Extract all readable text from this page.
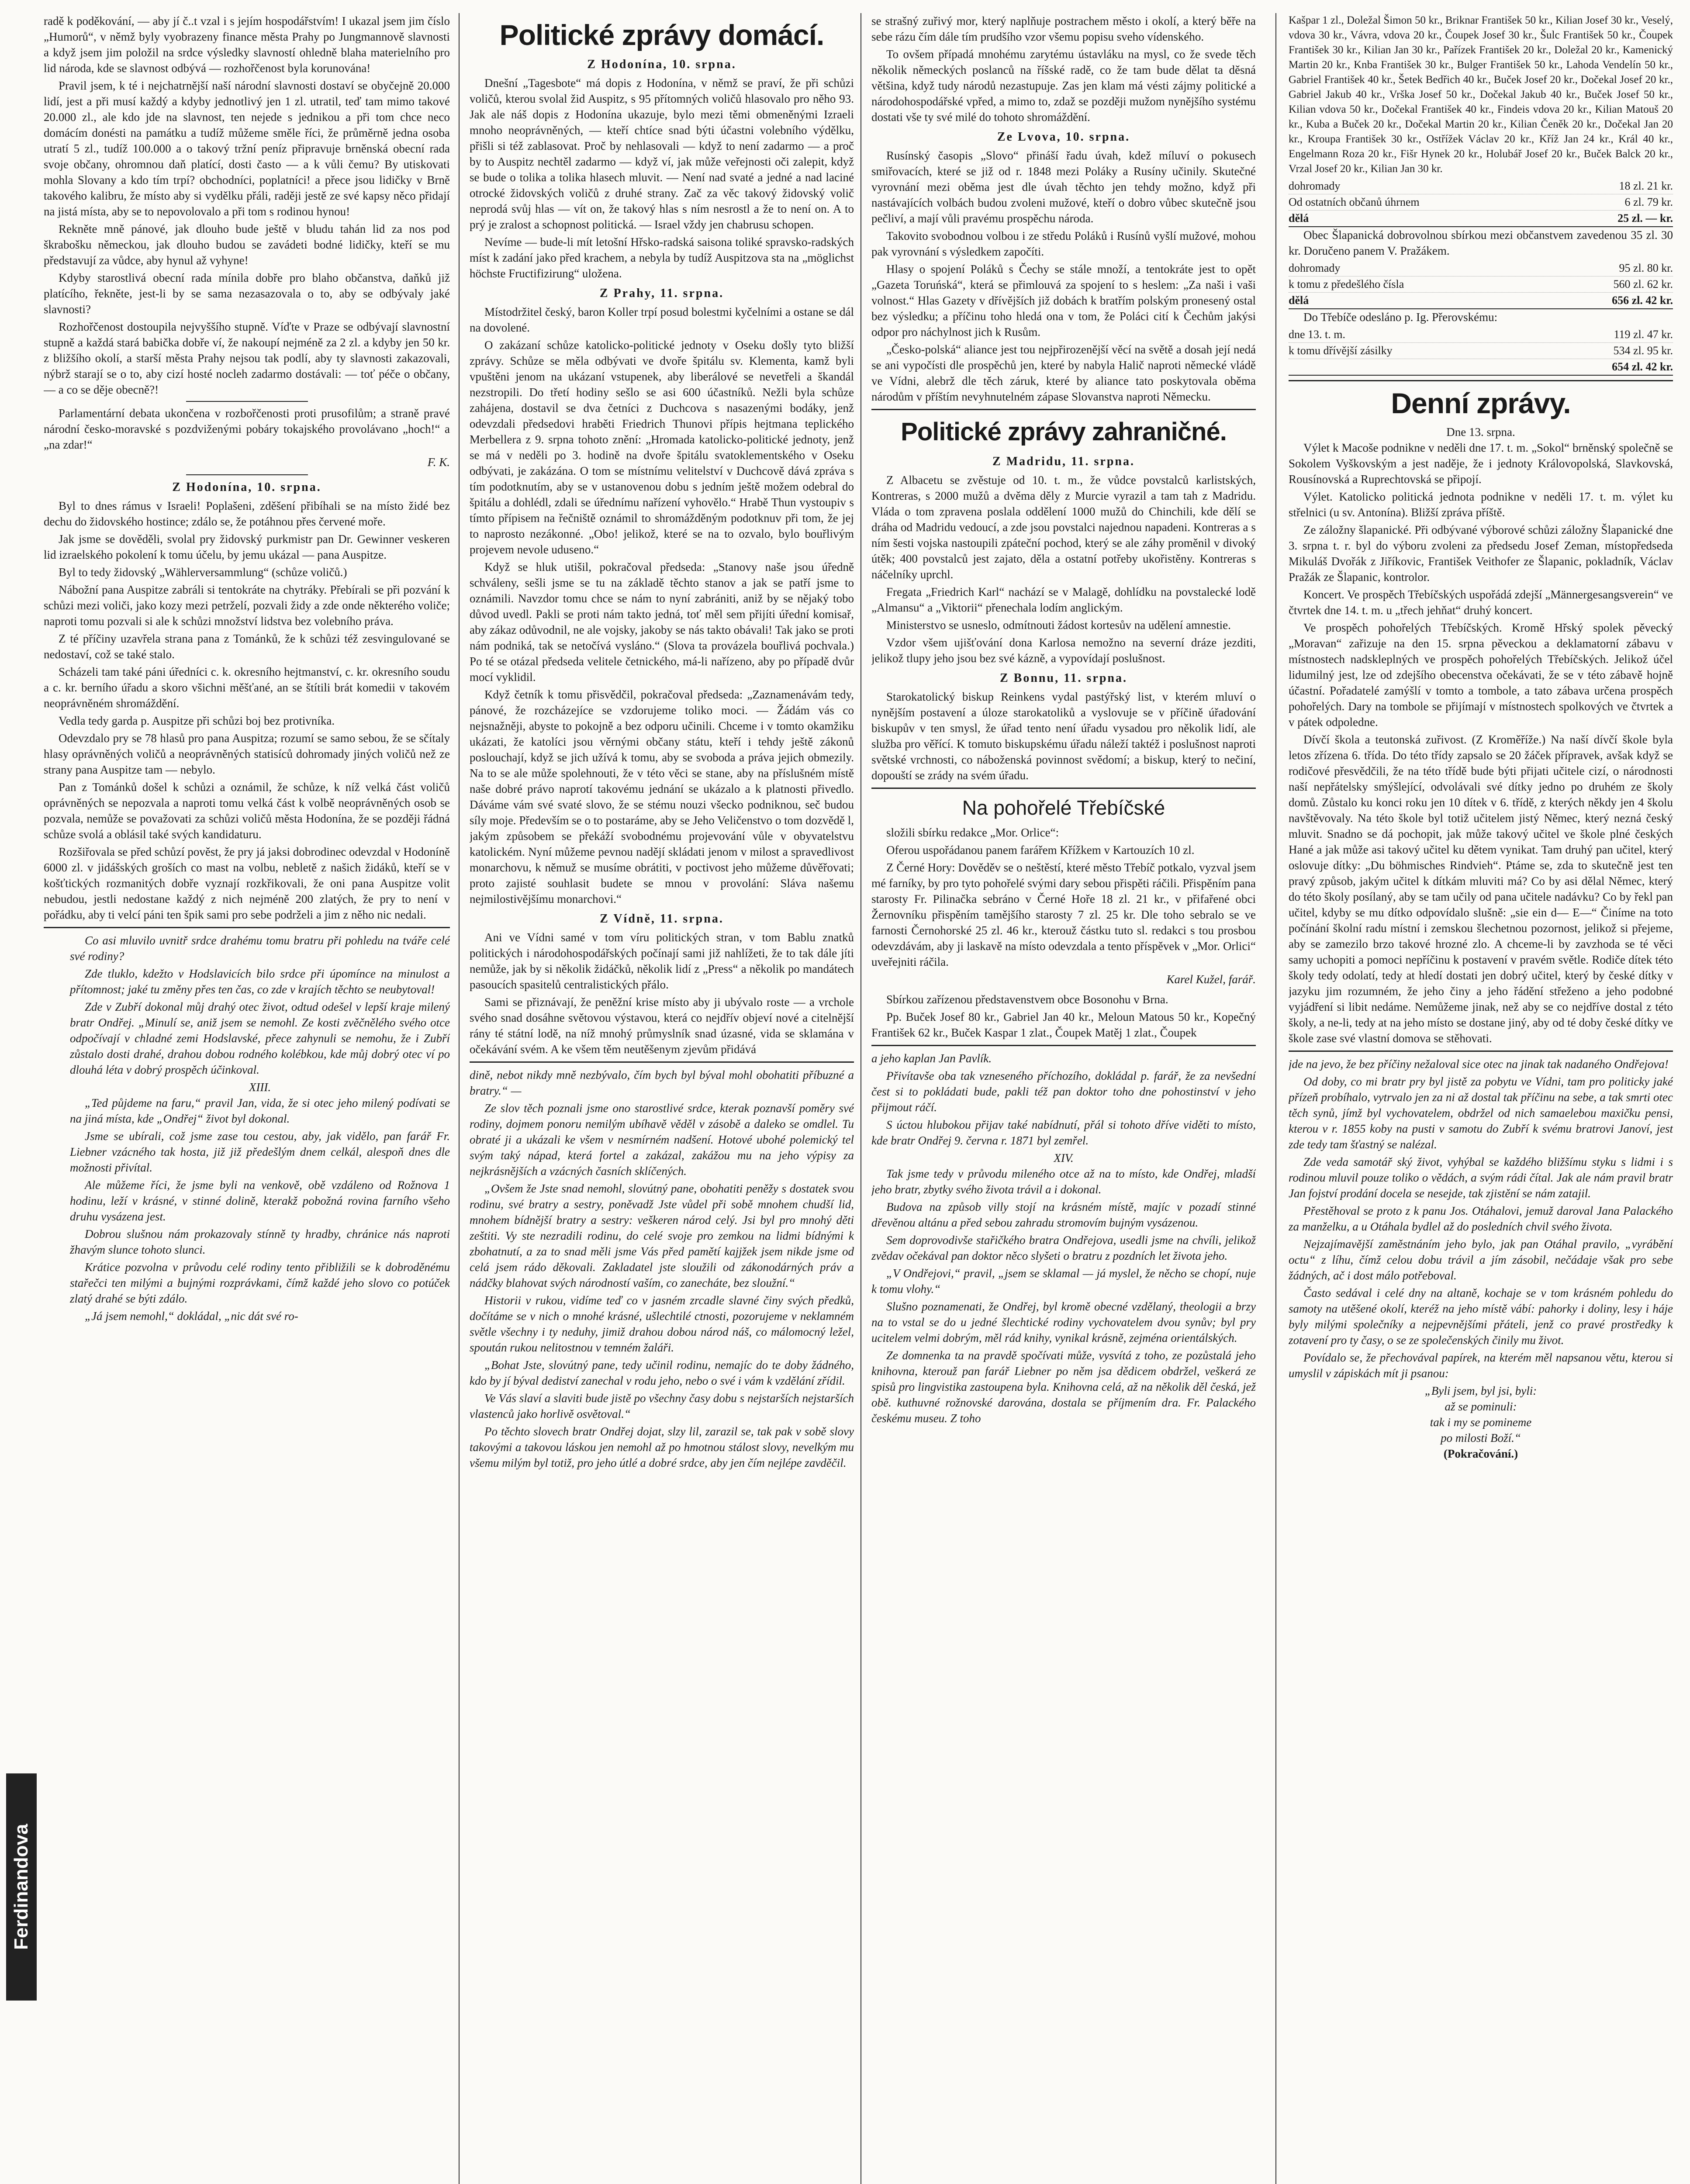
Ferdinandova

radě k poděkování, — aby jí č..t vzal i s jejím hospodářstvím! I ukazal jsem jim číslo „Humorů“, v němž byly vyobrazeny finance města Prahy po Jungmannově slavnosti a když jsem jim položil na srdce výsledky slavností ohledně blaha materielního pro lid národa, kde se slavnost odbývá — rozhořčenost byla korunována!

Pravil jsem, k té i nejchatrnější naší národní slavnosti dostaví se obyčejně 20.000 lidí, jest a při musí každý a kdyby jednotlivý jen 1 zl. utratil, teď tam mimo takové 20.000 zl., ale kdo jde na slavnost, ten nejede s jednikou a při tom chce neco domácím donésti na památku a tudíž můžeme směle říci, že průměrně jedna osoba utratí 5 zl., tudíž 100.000 a o takový tržní peníz připravuje brněnská obecní rada svoje občany, ohromnou daň platící, dosti často — a k vůli čemu? By utiskovati mohla Slovany a kdo tím trpí? obchodníci, poplatníci! a přece jsou lidičky v Brně takového kalibru, že místo aby si vydělku přáli, raději jestě ze své kapsy něco přidají na jistá místa, aby se to nepovolovalo a při tom s rodinou hynou!

Rekněte mně pánové, jak dlouho bude ještě v bludu tahán lid za nos pod škrabošku německou, jak dlouho budou se zavádeti bodné lidičky, kteří se mu představují za vůdce, aby hynul až vyhyne!

Kdyby starostlivá obecní rada mínila dobře pro blaho občanstva, daňků již platícího, řekněte, jest-li by se sama nezasazovala o to, aby se odbývaly jaké slavnosti?

Rozhořčenost dostoupila nejvyššího stupně. Víďte v Praze se odbývají slavnostní stupně a každá stará babička dobře ví, že nakoupí nejméně za 2 zl. a kdyby jen 50 kr. z bližšího okolí, a starší města Prahy nejsou tak podlí, aby ty slavnosti zakazovali, nýbrž starají se o to, aby cizí hosté nocleh zadarmo dostávali: — toť péče o občany, — a co se děje obecně?!

Parlamentární debata ukončena v rozbořčenosti proti prusofilům; a straně pravé národní česko-moravské s pozdviženými pobáry tokajského provolávano „hoch!“ a „na zdar!“

F. K.
Z Hodonína, 10. srpna.

Byl to dnes rámus v Israeli! Poplašeni, zděšení přibíhali se na místo židé bez dechu do židovského hostince; zdálo se, že potáhnou přes červené moře.

Jak jsme se dověděli, svolal pry židovský purkmistr pan Dr. Gewinner veskeren lid izraelského pokolení k tomu účelu, by jemu ukázal — pana Auspitze.

Byl to tedy židovský „Wählerversammlung“ (schůze voličů.)

Nábožní pana Auspitze zabráli si tentokráte na chytráky. Přebírali se při pozvání k schůzi mezi voliči, jako kozy mezi petrželí, pozvali židy a zde onde některého voliče; naproti tomu pozvali si ale k schůzi množství lidstva bez volebního práva.

Z té příčiny uzavřela strana pana z Tománků, že k schůzi též zesvingulované se nedostaví, což se také stalo.

Scházeli tam také páni úředníci c. k. okresního hejtmanství, c. kr. okresního soudu a c. kr. berního úřadu a skoro všichni měšťané, an se štítili brát komedii v takovém neoprávněném shromáždění.

Vedla tedy garda p. Auspitze při schůzi boj bez protivníka.

Odevzdalo pry se 78 hlasů pro pana Auspitza; rozumí se samo sebou, že se sčítaly hlasy oprávněných voličů a neoprávněných statisíců dohromady jiných voličů než ze strany pana Auspitze tam — nebylo.

Pan z Tománků došel k schůzi a oznámil, že schůze, k níž velká část voličů oprávněných se nepozvala a naproti tomu velká část k volbě neoprávněných osob se pozvala, nemůže se považovati za schůzi voličů města Hodonína, že se později řádná schůze svolá a oblásil také svých kandidaturu.

Rozšiřovala se před schůzí pověst, že pry já jaksi dobrodinec odevzdal v Hodoníně 6000 zl. v jidášských groších co mast na volbu, nebletě z našich židáků, kteří se v košťtických rozmanitých dobře vyznají rozkřikovali, že oni pana Auspitze volit nebudou, jestli nedostane každý z nich nejméně 200 zlatých, že pry to není v pořádku, aby ti velcí páni ten špik sami pro sebe podrželi a jim z něho nic nedali.

Co asi mluvilo uvnitř srdce drahému tomu bratru při pohledu na tváře celé své rodiny?

Zde tluklo, kdežto v Hodslavicích bilo srdce při úpomínce na minulost a přítomnost; jaké tu změny přes ten čas, co zde v krajích těchto se neubytoval!

Zde v Zubří dokonal můj drahý otec život, odtud odešel v lepší kraje milený bratr Ondřej. „Minulí se, aniž jsem se nemohl. Ze kosti zvěčnělého svého otce odpočívají v chladné zemi Hodslavské, přece zahynuli se nemohu, že i Zubří zůstalo dosti drahé, drahou dobou rodného kolébkou, kde můj dobrý otec ví po dlouhá léta v dobrý prospěch účinkoval.

XIII.

„Ted půjdeme na faru,“ pravil Jan, vida, že si otec jeho milený podívati se na jiná místa, kde „Ondřej“ život byl dokonal.

Jsme se ubírali, což jsme zase tou cestou, aby, jak vidělo, pan farář Fr. Liebner vzácného tak hosta, již již předešlým dnem celkál, alespoň dnes dle možnosti přivítal.

Ale můžeme říci, že jsme byli na venkově, obě vzdáleno od Rožnova 1 hodinu, leží v krásné, v stinné dolině, kterakž pobožná rovina farního všeho druhu vysázena jest.

Dobrou slušnou nám prokazovaly stínně ty hradby, chránice nás naproti žhavým slunce tohoto slunci.

Krátice pozvolna v průvodu celé rodiny tento přibližili se k dobroděnému stařečci ten milými a bujnými rozprávkami, čímž každé jeho slovo co potúček zlatý drahé se býti zdálo.

„Já jsem nemohl,“ dokládal, „nic dát své ro-

Politické zprávy domácí.
Z Hodonína, 10. srpna.

Dnešní „Tagesbote“ má dopis z Hodonína, v němž se praví, že při schůzi voličů, kterou svolal žid Auspitz, s 95 přítomných voličů hlasovalo pro něho 93. Jak ale náš dopis z Hodonína ukazuje, bylo mezi těmi obmeněnými Izraeli mnoho neoprávněných, — kteří chtíce snad býti účastni volebního výdělku, přišli si též zablasovat. Proč by nehlasovali — když to není zadarmo — a proč by to Auspitz nechtěl zadarmo — když ví, jak může veřejnosti oči zalepit, když se bude o tolika a tolika hlasech mluvit. — Není nad svaté a jedné a nad laciné otrocké židovských voličů z druhé strany. Zač za věc takový židovský volič neprodá svůj hlas — vít on, že takový hlas s ním nesrostl a že to není on. A to prý je zralost a schopnost politická. — Israel vždy jen chabrusu schopen.

Nevíme — bude-li mít letošní Hřsko-radská saisona toliké spravsko-radských míst k zadání jako před krachem, a nebyla by tudíž Auspitzova sta na „möglichst höchste Fructifizirung“ uložena.

Z Prahy, 11. srpna.

Místodržitel český, baron Koller trpí posud bolestmi kyčelními a ostane se dál na dovolené.

O zakázaní schůze katolicko-politické jednoty v Oseku došly tyto bližší zprávy. Schůze se měla odbývati ve dvoře špitálu sv. Klementa, kamž byli vpuštěni jenom na ukázaní vstupenek, aby liberálové se nevetřeli a škandál nezstropili. Do třetí hodiny sešlo se asi 600 účastníků. Nežli byla schůze zahájena, dostavil se dva četníci z Duchcova s nasazenými bodáky, jenž odevzdali předsedovi hraběti Friedrich Thunovi přípis hejtmana teplického Merbellera z 9. srpna tohoto znění: „Hromada katolicko-politické jednoty, jenž se má v neděli po 3. hodině na dvoře špitálu svatoklementského v Oseku odbývati, je zakázána. O tom se místnímu velitelství v Duchcově dává zpráva s tím podotknutím, aby se v ustanovenou dobu s jedním ještě možem odebral do špitálu a dohlédl, zdali se úřednímu nařízení vyhovělo.“ Hrabě Thun vystoupiv s tímto přípisem na řečniště oznámil to shromážděným podotknuv při tom, že jej to naprosto nezákonné. „Obo! jelikož, které se na to ozvalo, bylo bouřlivým projevem nevole uduseno.“

Když se hluk utišil, pokračoval předseda: „Stanovy naše jsou úředně schváleny, sešli jsme se tu na základě těchto stanov a jak se patří jsme to oznámili. Navzdor tomu chce se nám to nyní zabrániti, aniž by se nějaký tobo důvod uvedl. Pakli se proti nám takto jedná, toť měl sem přijíti úřední komisař, aby zákaz odůvodnil, ne ale vojsky, jakoby se nás takto obávali! Tak jako se proti nám podniká, tak se netočívá vysláno.“ (Slova ta provázela bouřlivá pochvala.) Po té se otázal předseda velitele četnického, má-li nařízeno, aby po případě dvůr mocí vyklidil.

Když četník k tomu přisvědčil, pokračoval předseda: „Zaznamenávám tedy, pánové, že rozcházejíce se vzdorujeme toliko moci. — Žádám vás co nejsnažněji, abyste to pokojně a bez odporu učinili. Chceme i v tomto okamžiku ukázati, že katolíci jsou věrnými občany státu, kteří i tehdy ještě zákonů poslouchají, když se jich užívá k tomu, aby se svoboda a práva jejich obmezily. Na to se ale může spolehnouti, že v této věci se stane, aby na příslušném místě naše dobré právo naprotí takovému jednání se ukázalo a k platnosti přivedlo. Dáváme vám své svaté slovo, že se stému nouzi všecko podniknou, seč budou síly moje. Především se o to postaráme, aby se Jeho Veličenstvo o tom dozvědě l, jakým způsobem se překáží svobodnému projevování vůle v obyvatelstvu katolickém. Nyní můžeme pevnou nadějí skládati jenom v milost a spravedlivost monarchovu, k němuž se musíme obrátiti, v poctivost jeho můžeme důvěřovati; proto zajisté souhlasit budete se mnou v provolání: Sláva našemu nejmilostivějšímu monarchovi.“

Z Vídně, 11. srpna.

Ani ve Vídni samé v tom víru politických stran, v tom Bablu znatků politických i národohospodářských počínají sami již nahlížeti, že to tak dále jíti nemůže, jak by si několik židáčků, několik lidí z „Press“ a několik po mandátech pasoucích spasitelů centralistických přálo.

Sami se přiznávají, že peněžní krise místo aby ji ubývalo roste — a vrchole svého snad dosáhne světovou výstavou, která co nejdřív objeví nové a citelnější rány té státní lodě, na níž mnohý průmyslník snad úzasné, vida se sklamána v očekávání svém. A ke všem těm neutěšenym zjevům přidává

dině, nebot nikdy mně nezbývalo, čím bych byl býval mohl obohatiti příbuzné a bratry.“ —

Ze slov těch poznali jsme ono starostlivé srdce, kterak poznavší poměry své rodiny, dojmem ponoru nemilým ubíhavě věděl v zásobě a daleko se omdlel. Tu obraté ji a ukázali ke všem v nesmírném nadšení. Hotové ubohé polemický tel svým taký nápad, která fortel a zakázal, zakážou mu na jeho výpisy za nejkrásnějších a vzácných časních sklíčených.

„Ovšem že Jste snad nemohl, slovútný pane, obohatiti peněžy s dostatek svou rodinu, své bratry a sestry, poněvadž Jste vůdel při sobě mnohem chudší lid, mnohem bídnější bratry a sestry: veškeren národ celý. Jsi byl pro mnohý děti zeštiti. Vy ste nezradili rodinu, do celé svoje pro zemkou na lidmi bídnými k zbohatnutí, a za to snad měli jsme Vás před pamětí kajjžek jsem nikde jsme od celá jsem rádo děkovali. Zakladatel jste sloužili od zákonodárných práv a nádčky blahovat svých národností vaším, co zanecháte, bez sloužní.“

Historii v rukou, vidíme teď co v jasném zrcadle slavné činy svých předků, dočítáme se v nich o mnohé krásné, ušlechtilé ctnosti, pozorujeme v neklamném světle všechny i ty neduhy, jimiž drahou dobou národ náš, co málomocný ležel, spoután rukou nelitostnou v temném žaláři.

„Bohat Jste, slovútný pane, tedy učinil rodinu, nemajíc do te doby žádného, kdo by jí býval dediství zanechal v rodu jeho, nebo o své i vám k vzdělání zřídil.

Ve Vás slaví a slaviti bude jistě po všechny časy dobu s nejstarších nejstarších vlastenců jako horlivě osvětoval.“

Po těchto slovech bratr Ondřej dojat, slzy lil, zarazil se, tak pak v sobě slovy takovými a takovou láskou jen nemohl až po hmotnou stálost slovy, nevelkým mu všemu milým byl totiž, pro jeho útlé a dobré srdce, aby jen čím nejlépe zavděčil.

se strašný zuřivý mor, který naplňuje postrachem město i okolí, a který běře na sebe rázu čím dále tím prudšího vzor všemu popisu sveho vídenského.

To ovšem případá mnohému zarytému ústavláku na mysl, co že svede těch několik německých poslanců na říšské radě, co že tam bude dělat ta děsná většina, když tudy národů nezastupuje. Zas jen klam má vésti zájmy politické a národohospodářské vpřed, a mimo to, zdaž se později mužom nynějšího systému dostati vše ty své milé do tohoto shromáždění.

Ze Lvova, 10. srpna.

Rusínský časopis „Slovo“ přináší řadu úvah, kdež míluví o pokusech smiřovacích, které se již od r. 1848 mezi Poláky a Rusíny učinily. Skutečné vyrovnání mezi oběma jest dle úvah těchto jen tehdy možno, když při nastávajících volbách budou zvoleni mužové, kteří o dobro vůbec skutečně jsou pečliví, a mají vůli pravému prospěchu národa.

Takovito svobodnou volbou i ze středu Poláků i Rusínů vyšlí mužové, mohou pak vyrovnání s výsledkem započíti.

Hlasy o spojení Poláků s Čechy se stále množí, a tentokráte jest to opět „Gazeta Toruńská“, která se přimlouvá za spojení to s heslem: „Za naši i vaši volnost.“ Hlas Gazety v dřívějších již dobách k bratřím polským pronesený ostal bez výsledku; a příčinu toho hledá ona v tom, že Poláci cití k Čechům jakýsi odpor pro náchylnost jich k Rusům.

„Česko-polská“ aliance jest tou nejpřirozenější věcí na světě a dosah její nedá se ani vypočísti dle prospěchů jen, které by nabyla Halič naproti německé vládě ve Vídni, alebrž dle těch záruk, které by aliance tato poskytovala oběma národům v příštím nevyhnutelném zápase Slovanstva naproti Německu.

Politické zprávy zahraničné.
Z Madridu, 11. srpna.

Z Albacetu se zvěstuje od 10. t. m., že vůdce povstalců karlistských, Kontreras, s 2000 mužů a dvěma děly z Murcie vyrazil a tam tah z Madridu. Vláda o tom zpravena poslala oddělení 1000 mužů do Chinchili, kde dělí se dráha od Madridu vedoucí, a zde jsou povstalci najednou napadeni. Kontreras a s ním šesti vojska nastoupili zpáteční pochod, který se ale záhy proměnil v divoký útěk; 400 povstalců jest zajato, děla a ostatní potřeby ukořistěny. Kontreras s náčelníky uprchl.

Fregata „Friedrich Karl“ nachází se v Malagě, dohlídku na povstalecké lodě „Almansu“ a „Viktorii“ přenechala lodím anglickým.

Ministerstvo se usneslo, odmítnouti žádost kortesův na udělení amnestie.

Vzdor všem ujišťování dona Karlosa nemožno na severní dráze jezditi, jelikož tlupy jeho jsou bez své kázně, a vypovídají poslušnost.

Z Bonnu, 11. srpna.

Starokatolický biskup Reinkens vydal pastýřský list, v kterém mluví o nynějším postavení a úloze starokatoliků a vyslovuje se v příčině úřadování biskupův v ten smysl, že úřad tento není úřadu vysadou pro několik lidí, ale služba pro věřící. K tomuto biskupskému úřadu náleží taktéž i poslušnost naproti světské vrchnosti, co náboženská povinnost svědomí; a biskup, který to nečiní, dopouští se zrády na svém úřadu.

Na pohořelé Třebíčské

složili sbírku redakce „Mor. Orlice“:

Oferou uspořádanou panem farářem Křížkem v Kartouzích 10 zl.

Z Černé Hory: Dověděv se o neštěstí, které město Třebíč potkalo, vyzval jsem mé farníky, by pro tyto pohořelé svými dary sebou přispěti ráčili. Přispěním pana starosty Fr. Pilinačka sebráno v Černé Hoře 18 zl. 21 kr., v přifařené obci Žernovníku přispěním tamějšího starosty 7 zl. 25 kr. Dle toho sebralo se ve farnosti Černohorské 25 zl. 46 kr., kterouž částku tuto sl. redakci s tou prosbou odevzdávám, aby ji laskavě na místo odevzdala a tento příspěvek v „Mor. Orlici“ uveřejniti ráčila.

Karel Kužel, farář.

Sbírkou zařízenou představenstvem obce Bosonohu v Brna.

Pp. Buček Josef 80 kr., Gabriel Jan 40 kr., Meloun Matous 50 kr., Kopečný František 62 kr., Buček Kaspar 1 zlat., Čoupek Matěj 1 zlat., Čoupek

a jeho kaplan Jan Pavlík.

Přivítavše oba tak vzneseného příchozího, dokládal p. farář, že za nevšední čest si to pokládati bude, pakli též pan doktor toho dne pohostinství v jeho přijmout ráčí.

S úctou hlubokou přijav také nabídnutí, přál si tohoto dříve viděti to místo, kde bratr Ondřej 9. června r. 1871 byl zemřel.

XIV.

Tak jsme tedy v průvodu mileného otce až na to místo, kde Ondřej, mladší jeho bratr, zbytky svého života trávil a i dokonal.

Budova na způsob villy stojí na krásném místě, majíc v pozadí stinné dřevěnou altánu a před sebou zahradu stromovím bujným vysázenou.

Sem doprovodivše stařičkého bratra Ondřejova, usedli jsme na chvíli, jelikož zvědav očekával pan doktor něco slyšeti o bratru z pozdních let života jeho.

„V Ondřejovi,“ pravil, „jsem se sklamal — já myslel, že něcho se chopí, nuje k tomu vlohy.“

Slušno poznamenati, že Ondřej, byl kromě obecné vzdělaný, theologii a brzy na to vstal se do u jedné šlechtické rodiny vychovatelem dvou synův; byl pry ucitelem velmi dobrým, měl rád knihy, vynikal krásně, zejména orientálských.

Ze domnenka ta na pravdě spočívati může, vysvítá z toho, ze pozůstalá jeho knihovna, kterouž pan farář Liebner po něm jsa dědicem obdržel, veškerá ze spisů pro lingvistika zastoupena byla. Knihovna celá, až na několik děl česká, jež obě. kuthuvné rožnovské darována, dostala se příjmením dra. Fr. Palackého českému museu. Z toho

Kašpar 1 zl., Doležal Šimon 50 kr., Briknar František 50 kr., Kilian Josef 30 kr., Veselý, vdova 30 kr., Vávra, vdova 20 kr., Čoupek Josef 30 kr., Šulc František 50 kr., Čoupek František 30 kr., Kilian Jan 30 kr., Pařízek František 20 kr., Doležal 20 kr., Kamenický Martin 20 kr., Knba František 30 kr., Bulger František 50 kr., Lahoda Vendelín 50 kr., Gabriel František 40 kr., Šetek Bedřich 40 kr., Buček Josef 20 kr., Dočekal Josef 20 kr., Gabriel Jakub 40 kr., Vrška Josef 50 kr., Dočekal Jakub 40 kr., Buček Josef 50 kr., Kilian vdova 50 kr., Dočekal František 40 kr., Findeis vdova 20 kr., Kilian Matouš 20 kr., Kuba a Buček 20 kr., Dočekal Martin 20 kr., Kilian Čeněk 20 kr., Dočekal Jan 20 kr., Kroupa František 30 kr., Ostřížek Václav 20 kr., Kříž Jan 24 kr., Král 40 kr., Engelmann Roza 20 kr., Fišr Hynek 20 kr., Holubář Josef 20 kr., Buček Balck 20 kr., Vrzal Josef 20 kr., Kilian Jan 30 kr.

dohromady	18 zl. 21 kr.
Od ostatních občanů úhrnem	6 zl. 79 kr.
dělá	25 zl. — kr.

Obec Šlapanická dobrovolnou sbírkou mezi občanstvem zavedenou 35 zl. 30 kr. Doručeno panem V. Pražákem.

dohromady	95 zl. 80 kr.
k tomu z předešlého čísla	560 zl. 62 kr.
dělá	656 zl. 42 kr.

Do Třebíče odesláno p. Ig. Přerovskému:

dne 13. t. m.	119 zl. 47 kr.
k tomu dřívější zásilky	534 zl. 95 kr.
654 zl. 42 kr.
Denní zprávy.
Dne 13. srpna.

Výlet k Macoše podnikne v neděli dne 17. t. m. „Sokol“ brněnský společně se Sokolem Vyškovským a jest naděje, že i jednoty Královopolská, Slavkovská, Rousínovská a Ruprechtovská se připojí.

Výlet. Katolicko politická jednota podnikne v neděli 17. t. m. výlet ku střelnici (u sv. Antonína). Bližší zpráva příště.

Ze záložny šlapanické. Při odbývané výborové schůzi záložny Šlapanické dne 3. srpna t. r. byl do výboru zvoleni za předsedu Josef Zeman, místopředseda Mikuláš Dvořák z Jiříkovic, František Veithofer ze Šlapanic, pokladník, Václav Pražák ze Šlapanic, kontrolor.

Koncert. Ve prospěch Třebíčských uspořádá zdejší „Männergesangsverein“ ve čtvrtek dne 14. t. m. u „třech jehňat“ druhý koncert.

Ve prospěch pohořelých Třebíčských. Kromě Hřský spolek pěvecký „Moravan“ zařizuje na den 15. srpna pěveckou a deklamatorní zábavu v místnostech nadskleplných ve prospěch pohořelých Třebíčských. Jelikož účel lidumilný jest, lze od zdejšího obecenstva očekávati, že se v této zábavě hojně účastní. Pořadatelé zamýšlí v tomto a tombole, a tato zábava určena prospěch pohořelých. Dary na tombole se přijímají v místnostech spolkových ve čtvrtek a v pátek odpoledne.

Dívčí škola a teutonská zuřivost. (Z Kroměříže.) Na naší dívčí škole byla letos zřízena 6. třída. Do této třídy zapsalo se 20 žáček přípravek, avšak když se rodičové přesvědčili, že na této třídě bude býti přijati učitele cizí, o národnosti naší nepřátelsky smýšlející, odvolávali své dítky jedno po druhém ze školy domů. Zůstalo ku konci roku jen 10 dítek v 6. třídě, z kterých někdy jen 4 školu navštěvovaly. Na této škole byl totiž učitelem jistý Němec, který nezná český mluvit. Snadno se dá pochopit, jak může takový učitel ve škole plné českých Hané a jak může asi takový učitel ku dětem vynikat. Tam druhý pan učitel, který oslovuje dítky: „Du böhmisches Rindvieh“. Ptáme se, zda to skutečně jest ten pravý způsob, jakým učitel k dítkám mluviti má? Co by asi dělal Němec, který do této školy posílaný, aby se tam učily od pana učitele nadávku? Co by řekl pan učitel, kdyby se mu dítko odpovídalo slušně: „sie ein d— E—“ Činíme na toto počínání školní radu místní i zemskou šlechetnou pozornost, jelikož si přejeme, aby se zamezilo brzo takové hrozné zlo. A chceme-li by zavzhoda se té věci samy uchopiti a pomoci nepříčinu k postavení v pravém světle. Rodiče dítek této školy tedy odolatí, tedy at hledí dostati jen dobrý učitel, který by české dítky v jazyku jim rozumném, že jeho činy a jeho řádění střeženo a jeho podobné vyjádření si libit nedáme. Nemůžeme jinak, než aby se co nejdříve dostal z této školy, a ne-li, tedy at na jeho místo se dostane jiný, aby od té doby české dítky ve škole zase své vlastní domova se stěhovati.

jde na jevo, že bez příčiny nežaloval sice otec na jinak tak nadaného Ondřejova!

Od doby, co mi bratr pry byl jistě za pobytu ve Vídni, tam pro politicky jaké přízeň probíhalo, vytrvalo jen za ni až dostal tak příčinu na sebe, a tak smrti otec těch synů, jímž byl vychovatelem, obdržel od nich samaelebou maxičku pensi, kterou v r. 1855 koby na pusti v samotu do Zubří k svému bratrovi Janoví, jest zde tedy tam šťastný se nalézal.

Zde veda samotář ský život, vyhýbal se každého bližšímu styku s lidmi i s rodinou mluvil pouze toliko o vědách, a svým rádi čítal. Jak ale nám pravil bratr Jan fojství prodání docela se nesejde, tak zjistění se nám zatajil.

Přestěhoval se proto z k panu Jos. Otáhalovi, jemuž daroval Jana Palackého za manželku, a u Otáhala bydlel až do posledních chvil svého života.

Nejzajímavější zaměstnáním jeho bylo, jak pan Otáhal pravilo, „vyrábění octu“ z líhu, čímž celou dobu trávil a jím zásobil, nečádaje však pro sebe žádných, ač i dost málo potřeboval.

Často sedával i celé dny na altaně, kochaje se v tom krásném pohledu do samoty na utěšené okolí, kteréž na jeho místě vábí: pahorky i doliny, lesy i háje byly milými společníky a nejpevnějšími přáteli, jenž co pravé prostředky k zotavení pro ty časy, o se ze společenských činily mu život.

Povídalo se, že přechovával papírek, na kterém měl napsanou větu, kterou si umyslil v zápiskách mít ji psanou:

„Byli jsem, byl jsi, byli:
až se pominuli:
tak i my se pomineme
po milosti Boží.“
(Pokračování.)
